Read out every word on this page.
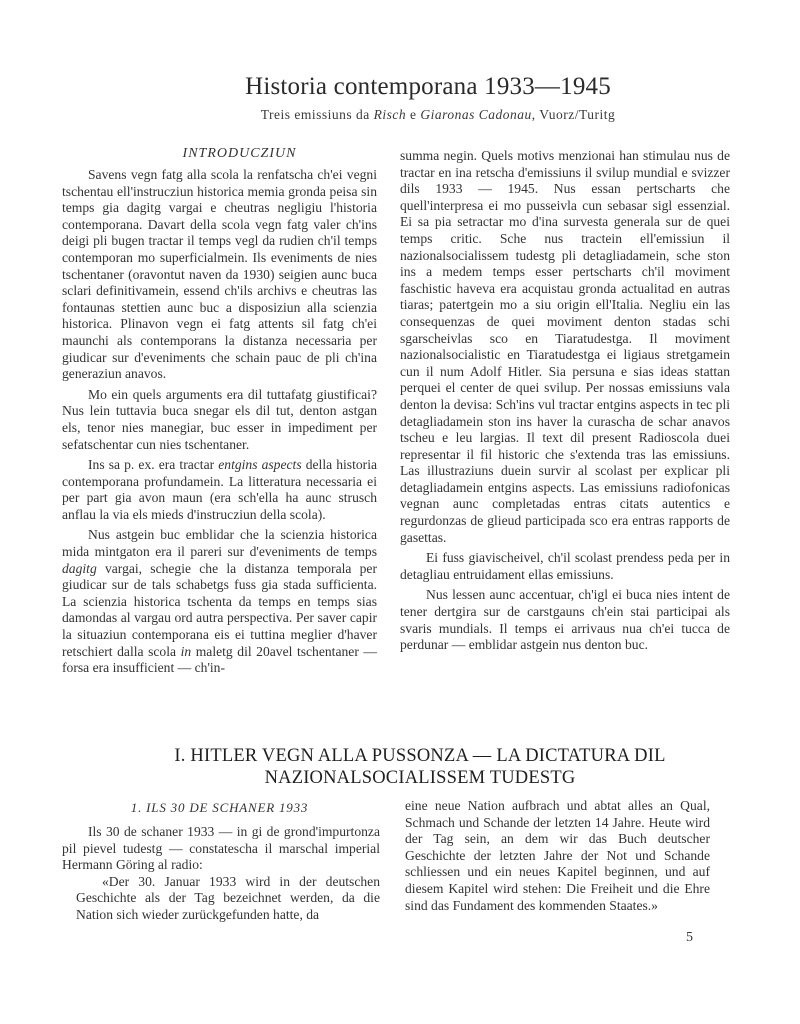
Historia contemporana 1933—1945
Treis emissiuns da Risch e Giaronas Cadonau, Vuorz/Turitg
INTRODUCZIUN

Savens vegn fatg alla scola la renfatscha ch'ei vegni tschentau ell'instrucziun historica memia gronda peisa sin temps gia dagitg vargai e cheutras negligiu l'historia contemporana. Davart della scola vegn fatg valer ch'ins deigi pli bugen tractar il temps vegl da rudien ch'il temps contemporan mo superficialmein. Ils eveniments de nies tschentaner (oravontut naven da 1930) seigien aunc buca sclari definitivamein, essend ch'ils archivs e cheutras las fontaunas stettien aunc buc a disposiziun alla scienzia historica. Plinavon vegn ei fatg attents sil fatg ch'ei maunchi als contemporans la distanza necessaria per giudicar sur d'eveniments che schain pauc de pli ch'ina generaziun anavos.

Mo ein quels arguments era dil tuttafatg giustificai? Nus lein tuttavia buca snegar els dil tut, denton astgan els, tenor nies manegiar, buc esser in impediment per sefatschentar cun nies tschentaner.

Ins sa p. ex. era tractar entgins aspects della historia contemporana profundamein. La litteratura necessaria ei per part gia avon maun (era sch'ella ha aunc strusch anflau la via els mieds d'instrucziun della scola).

Nus astgein buc emblidar che la scienzia historica mida mintgaton era il pareri sur d'eveniments de temps dagitg vargai, schegie che la distanza temporala per giudicar sur de tals schabetgs fuss gia stada sufficienta. La scienzia historica tschenta da temps en temps sias damondas al vargau ord autra perspectiva. Per saver capir la situaziun contemporana eis ei tuttina meglier d'haver retschiert dalla scola in maletg dil 20avel tschentaner — forsa era insufficient — ch'in-

summa negin. Quels motivs menzionai han stimulau nus de tractar en ina retscha d'emissiuns il svilup mundial e svizzer dils 1933 — 1945. Nus essan pertscharts che quell'interpresa ei mo pusseivla cun sebasar sigl essenzial. Ei sa pia setractar mo d'ina survesta generala sur de quei temps critic. Sche nus tractein ell'emissiun il nazionalsocialissem tudestg pli detagliadamein, sche ston ins a medem temps esser pertscharts ch'il moviment faschistic haveva era acquistau gronda actualitad en autras tiaras; patertgein mo a siu origin ell'Italia. Negliu ein las consequenzas de quei moviment denton stadas schi sgarscheivlas sco en Tiaratudestga. Il moviment nazionalsocialistic en Tiaratudestga ei ligiaus stretgamein cun il num Adolf Hitler. Sia persuna e sias ideas stattan perquei el center de quei svilup. Per nossas emissiuns vala denton la devisa: Sch'ins vul tractar entgins aspects in tec pli detagliadamein ston ins haver la curascha de schar anavos tscheu e leu largias. Il text dil present Radioscola duei representar il fil historic che s'extenda tras las emissiuns. Las illustraziuns duein survir al scolast per explicar pli detagliadamein entgins aspects. Las emissiuns radiofonicas vegnan aunc completadas entras citats autentics e regurdonzas de glieud participada sco era entras rapports de gasettas.

Ei fuss giavischeivel, ch'il scolast prendess peda per in detagliau entruidament ellas emissiuns.

Nus lessen aunc accentuar, ch'igl ei buca nies intent de tener dertgira sur de carstgauns ch'ein stai participai als svaris mundials. Il temps ei arrivaus nua ch'ei tucca de perdunar — emblidar astgein nus denton buc.

I. HITLER VEGN ALLA PUSSONZA — LA DICTATURA DIL
NAZIONALSOCIALISSEM TUDESTG
1. ILS 30 DE SCHANER 1933

Ils 30 de schaner 1933 — in gi de grond'impurtonza pil pievel tudestg — constatescha il marschal imperial Hermann Göring al radio:

«Der 30. Januar 1933 wird in der deutschen Geschichte als der Tag bezeichnet werden, da die Nation sich wieder zurückgefunden hatte, da

eine neue Nation aufbrach und abtat alles an Qual, Schmach und Schande der letzten 14 Jahre. Heute wird der Tag sein, an dem wir das Buch deutscher Geschichte der letzten Jahre der Not und Schande schliessen und ein neues Kapitel beginnen, und auf diesem Kapitel wird stehen: Die Freiheit und die Ehre sind das Fundament des kommenden Staates.»

5
